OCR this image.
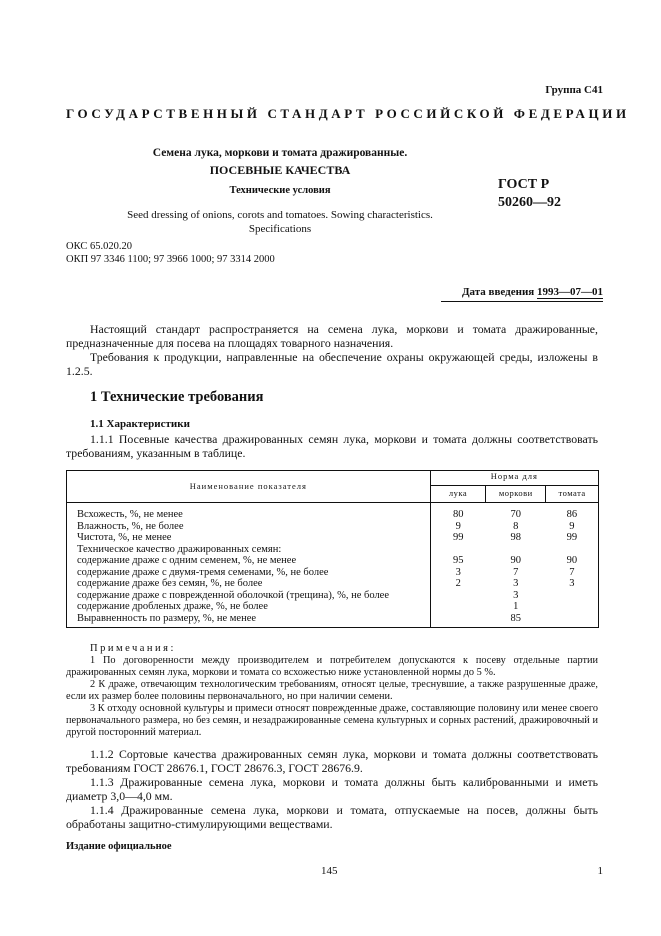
Группа С41
ГОСУДАРСТВЕННЫЙ СТАНДАРТ РОССИЙСКОЙ ФЕДЕРАЦИИ
Семена лука, моркови и томата дражированные.
ПОСЕВНЫЕ КАЧЕСТВА
Технические условия
Seed dressing of onions, corots and tomatoes. Sowing characteristics.
Specifications
ГОСТ Р
50260—92
ОКС 65.020.20
ОКП 97 3346 1100; 97 3966 1000; 97 3314 2000
Дата введения 1993—07—01
Настоящий стандарт распространяется на семена лука, моркови и томата дражированные, предназначенные для посева на площадях товарного назначения.
Требования к продукции, направленные на обеспечение охраны окружающей среды, изложены в 1.2.5.
1 Технические требования
1.1 Характеристики
1.1.1 Посевные качества дражированных семян лука, моркови и томата должны соответствовать требованиям, указанным в таблице.
Наименование показателя	Норма для		
	лука	моркови	томата

Всхожесть, %, не менее	80	70	86
Влажность, %, не более	9	8	9
Чистота, %, не менее	99	98	99
Техническое качество дражированных семян:			
содержание драже с одним семенем, %, не менее	95	90	90
содержание драже с двумя-тремя семенами, %, не более	3	7	7
содержание драже без семян, %, не более	2	3	3
содержание драже с поврежденной оболочкой (трещина), %, не более		3	
содержание дробленых драже, %, не более		1	
Выравненность по размеру, %, не менее		85	
Примечания:

1 По договоренности между производителем и потребителем допускаются к посеву отдельные партии дражированных семян лука, моркови и томата со всхожестью ниже установленной нормы до 5 %.

2 К драже, отвечающим технологическим требованиям, относят целые, треснувшие, а также разрушенные драже, если их размер более половины первоначального, но при наличии семени.

3 К отходу основной культуры и примеси относят поврежденные драже, составляющие половину или менее своего первоначального размера, но без семян, и незадражированные семена культурных и сорных растений, дражировочный и другой посторонний материал.

1.1.2 Сортовые качества дражированных семян лука, моркови и томата должны соответствовать требованиям ГОСТ 28676.1, ГОСТ 28676.3, ГОСТ 28676.9.
1.1.3 Дражированные семена лука, моркови и томата должны быть калиброванными и иметь диаметр 3,0—4,0 мм.
1.1.4 Дражированные семена лука, моркови и томата, отпускаемые на посев, должны быть обработаны защитно-стимулирующими веществами.
Издание официальное
145	1
